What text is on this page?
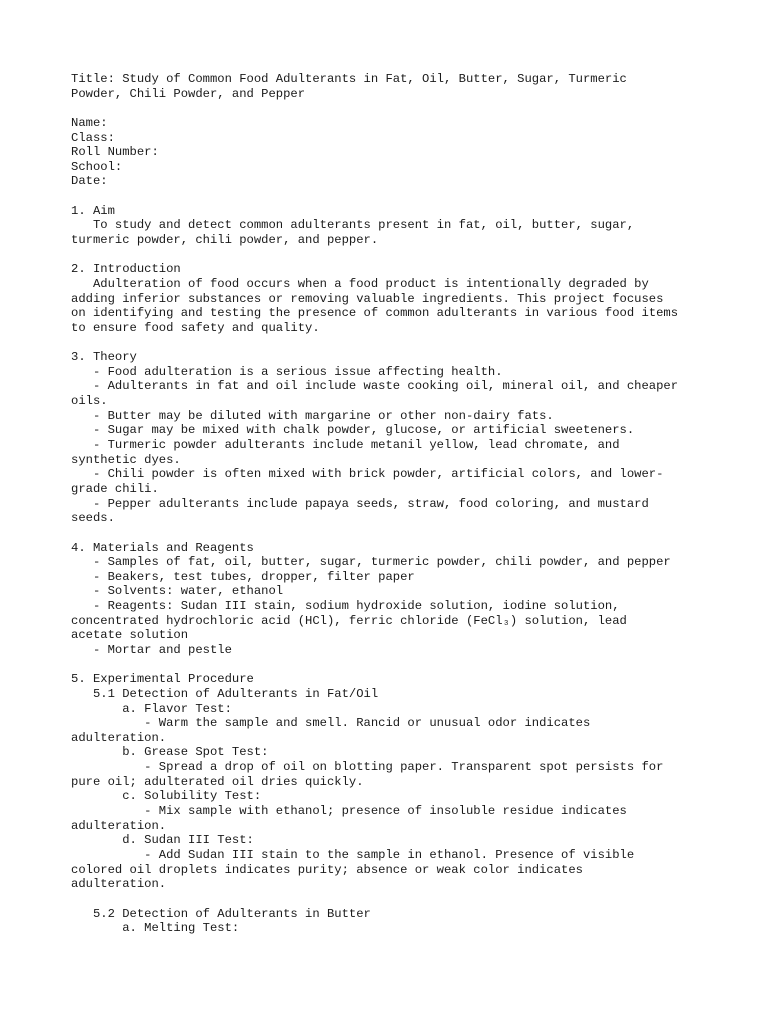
Title: Study of Common Food Adulterants in Fat, Oil, Butter, Sugar, Turmeric
Powder, Chili Powder, and Pepper
Name:
Class:
Roll Number:
School:
Date:
1. Aim
To study and detect common adulterants present in fat, oil, butter, sugar,
turmeric powder, chili powder, and pepper.
2. Introduction
Adulteration of food occurs when a food product is intentionally degraded by
adding inferior substances or removing valuable ingredients. This project focuses
on identifying and testing the presence of common adulterants in various food items
to ensure food safety and quality.
3. Theory
- Food adulteration is a serious issue affecting health.
- Adulterants in fat and oil include waste cooking oil, mineral oil, and cheaper
oils.
- Butter may be diluted with margarine or other non-dairy fats.
- Sugar may be mixed with chalk powder, glucose, or artificial sweeteners.
- Turmeric powder adulterants include metanil yellow, lead chromate, and
synthetic dyes.
- Chili powder is often mixed with brick powder, artificial colors, and lower-
grade chili.
- Pepper adulterants include papaya seeds, straw, food coloring, and mustard
seeds.
4. Materials and Reagents
- Samples of fat, oil, butter, sugar, turmeric powder, chili powder, and pepper
- Beakers, test tubes, dropper, filter paper
- Solvents: water, ethanol
- Reagents: Sudan III stain, sodium hydroxide solution, iodine solution,
concentrated hydrochloric acid (HCl), ferric chloride (FeCl₃) solution, lead
acetate solution
- Mortar and pestle
5. Experimental Procedure
5.1 Detection of Adulterants in Fat/Oil
a. Flavor Test:
- Warm the sample and smell. Rancid or unusual odor indicates
adulteration.
b. Grease Spot Test:
- Spread a drop of oil on blotting paper. Transparent spot persists for
pure oil; adulterated oil dries quickly.
c. Solubility Test:
- Mix sample with ethanol; presence of insoluble residue indicates
adulteration.
d. Sudan III Test:
- Add Sudan III stain to the sample in ethanol. Presence of visible
colored oil droplets indicates purity; absence or weak color indicates
adulteration.
5.2 Detection of Adulterants in Butter
a. Melting Test:
